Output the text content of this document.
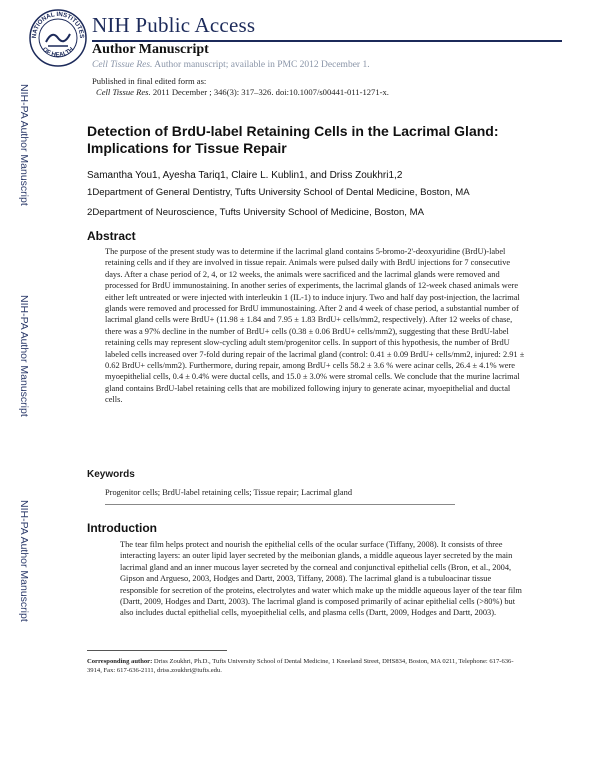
NATIONAL INSTITUTES
OF HEALTH
NIH Public Access
Author Manuscript
Cell Tissue Res. Author manuscript; available in PMC 2012 December 1.
Published in final edited form as:
Cell Tissue Res. 2011 December ; 346(3): 317–326. doi:10.1007/s00441-011-1271-x.
NIH-PA Author Manuscript
NIH-PA Author Manuscript
NIH-PA Author Manuscript
Detection of BrdU-label Retaining Cells in the Lacrimal Gland: Implications for Tissue Repair
Samantha You1, Ayesha Tariq1, Claire L. Kublin1, and Driss Zoukhri1,2
1Department of General Dentistry, Tufts University School of Dental Medicine, Boston, MA
2Department of Neuroscience, Tufts University School of Medicine, Boston, MA
Abstract
The purpose of the present study was to determine if the lacrimal gland contains 5-bromo-2'-deoxyuridine (BrdU)-label retaining cells and if they are involved in tissue repair. Animals were pulsed daily with BrdU injections for 7 consecutive days. After a chase period of 2, 4, or 12 weeks, the animals were sacrificed and the lacrimal glands were removed and processed for BrdU immunostaining. In another series of experiments, the lacrimal glands of 12-week chased animals were either left untreated or were injected with interleukin 1 (IL-1) to induce injury. Two and half day post-injection, the lacrimal glands were removed and processed for BrdU immunostaining. After 2 and 4 week of chase period, a substantial number of lacrimal gland cells were BrdU+ (11.98 ± 1.84 and 7.95 ± 1.83 BrdU+ cells/mm2, respectively). After 12 weeks of chase, there was a 97% decline in the number of BrdU+ cells (0.38 ± 0.06 BrdU+ cells/mm2), suggesting that these BrdU-label retaining cells may represent slow-cycling adult stem/progenitor cells. In support of this hypothesis, the number of BrdU labeled cells increased over 7-fold during repair of the lacrimal gland (control: 0.41 ± 0.09 BrdU+ cells/mm2, injured: 2.91 ± 0.62 BrdU+ cells/mm2). Furthermore, during repair, among BrdU+ cells 58.2 ± 3.6 % were acinar cells, 26.4 ± 4.1% were myoepithelial cells, 0.4 ± 0.4% were ductal cells, and 15.0 ± 3.0% were stromal cells. We conclude that the murine lacrimal gland contains BrdU-label retaining cells that are mobilized following injury to generate acinar, myoepithelial and ductal cells.
Keywords
Progenitor cells; BrdU-label retaining cells; Tissue repair; Lacrimal gland
Introduction
The tear film helps protect and nourish the epithelial cells of the ocular surface (Tiffany, 2008). It consists of three interacting layers: an outer lipid layer secreted by the meibonian glands, a middle aqueous layer secreted by the main lacrimal gland and an inner mucous layer secreted by the corneal and conjunctival epithelial cells (Bron, et al., 2004, Gipson and Argueso, 2003, Hodges and Dartt, 2003, Tiffany, 2008). The lacrimal gland is a tubuloacinar tissue responsible for secretion of the proteins, electrolytes and water which make up the middle aqueous layer of the tear film (Dartt, 2009, Hodges and Dartt, 2003). The lacrimal gland is composed primarily of acinar epithelial cells (>80%) but also includes ductal epithelial cells, myoepithelial cells, and plasma cells (Dartt, 2009, Hodges and Dartt, 2003).
Corresponding author: Driss Zoukhri, Ph.D., Tufts University School of Dental Medicine, 1 Kneeland Street, DHS834, Boston, MA 0211, Telephone: 617-636-3914, Fax: 617-636-2111, driss.zoukhri@tufts.edu.
